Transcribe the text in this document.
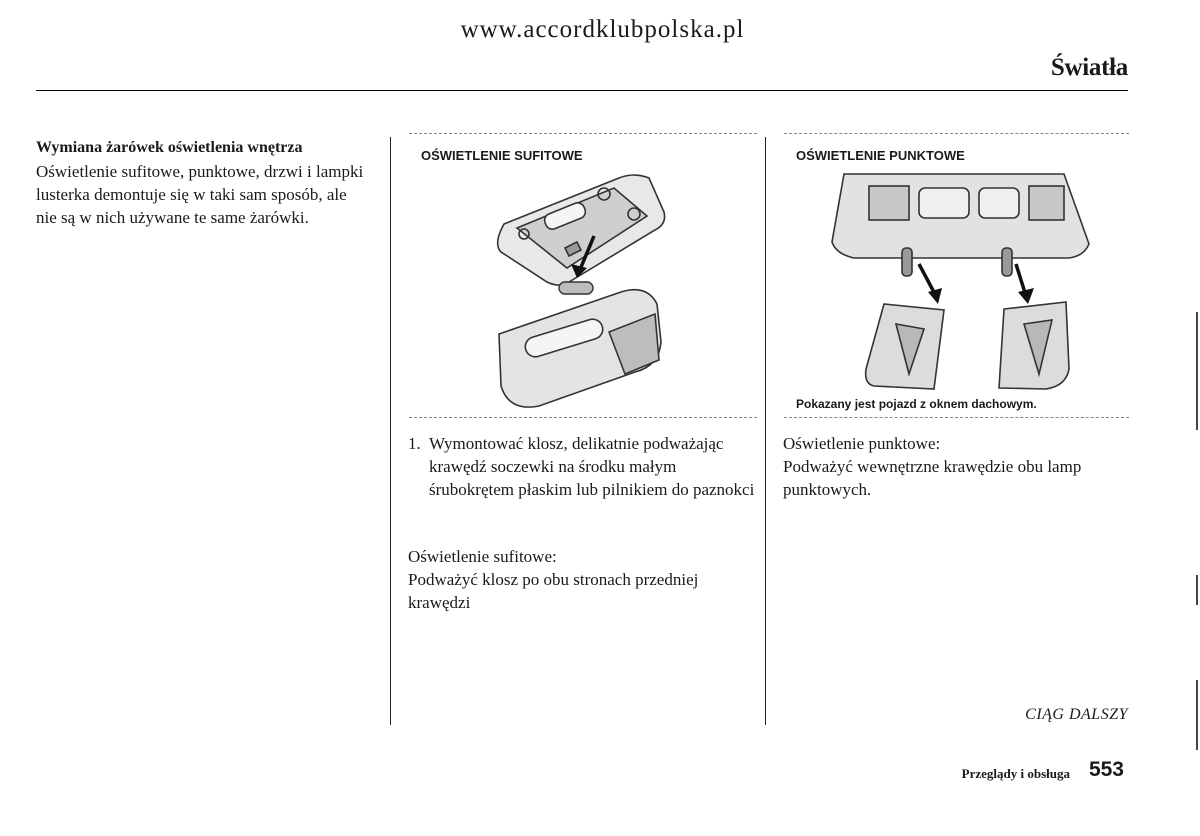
www.accordklubpolska.pl
Światła
Wymiana żarówek oświetlenia wnętrza
Oświetlenie sufitowe, punktowe, drzwi i lampki lusterka demontuje się w taki sam sposób, ale nie są w nich używane te same żarówki.
OŚWIETLENIE SUFITOWE	OŚWIETLENIE PUNKTOWE
Pokazany jest pojazd z oknem dachowym.
1. Wymontować klosz, delikatnie podważając krawędź soczewki na środku małym śrubokrętem płaskim lub pilnikiem do paznokci
Oświetlenie sufitowe:
Podważyć klosz po obu stronach przedniej krawędzi
Oświetlenie punktowe:
Podważyć wewnętrzne krawędzie obu lamp punktowych.
CIĄG DALSZY
Przeglądy i obsługa 553
